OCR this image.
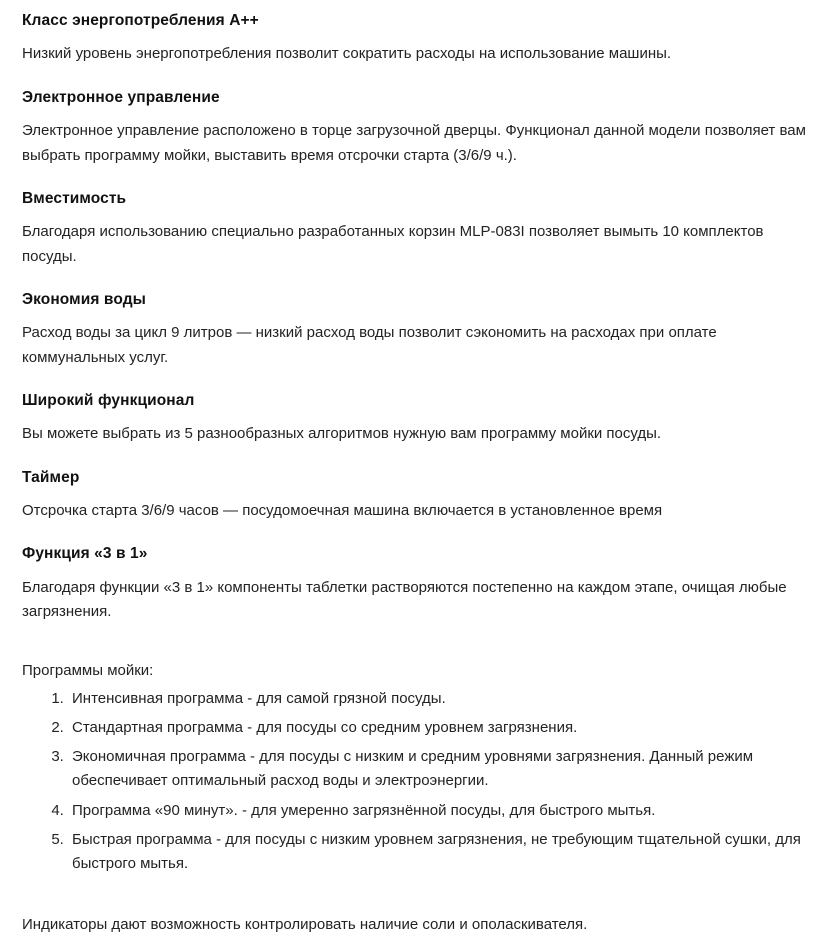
Класс энергопотребления A++

Низкий уровень энергопотребления позволит сократить расходы на использование машины.

Электронное управление

Электронное управление расположено в торце загрузочной дверцы. Функционал данной модели позволяет вам выбрать программу мойки, выставить время отсрочки старта (3/6/9 ч.).

Вместимость

Благодаря использованию специально разработанных корзин MLP-083I позволяет вымыть 10 комплектов посуды.

Экономия воды

Расход воды за цикл 9 литров — низкий расход воды позволит сэкономить на расходах при оплате коммунальных услуг.

Широкий функционал

Вы можете выбрать из 5 разнообразных алгоритмов нужную вам программу мойки посуды.

Таймер

Отсрочка старта 3/6/9 часов — посудомоечная машина включается в установленное время

Функция «3 в 1»

Благодаря функции «3 в 1» компоненты таблетки растворяются постепенно на каждом этапе, очищая любые загрязнения.

Программы мойки:

1. Интенсивная программа - для самой грязной посуды.
2. Стандартная программа - для посуды со средним уровнем загрязнения.
3. Экономичная программа - для посуды с низким и средним уровнями загрязнения. Данный режим обеспечивает оптимальный расход воды и электроэнергии.
4. Программа «90 минут». - для умеренно загрязнённой посуды, для быстрого мытья.
5. Быстрая программа - для посуды с низким уровнем загрязнения, не требующим тщательной сушки, для быстрого мытья.

Индикаторы дают возможность контролировать наличие соли и ополаскивателя.
